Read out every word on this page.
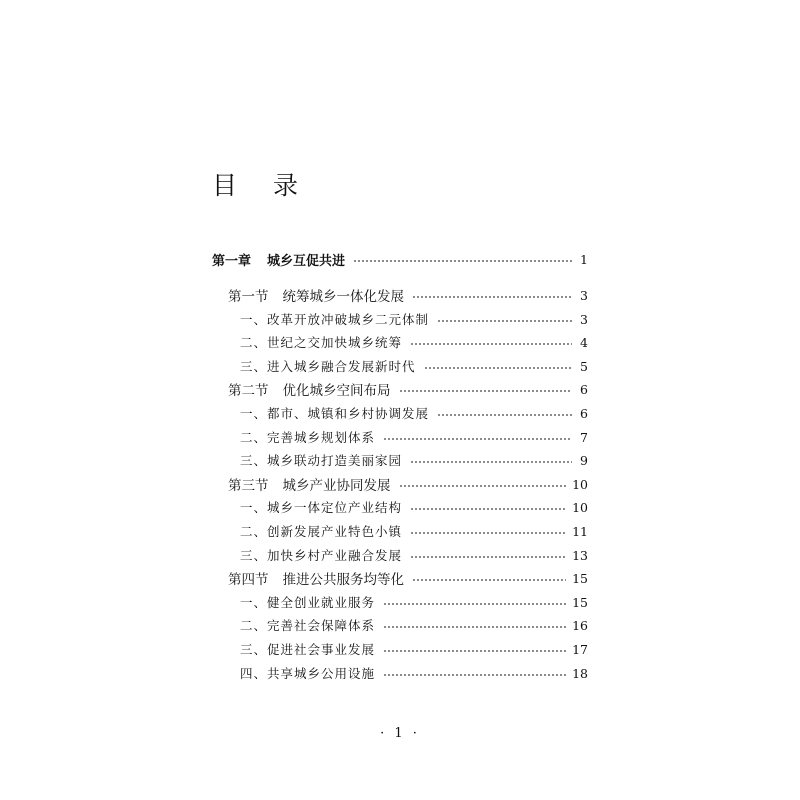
目 录
第一章 城乡互促共进	1
第一节 统筹城乡一体化发展	3
一、改革开放冲破城乡二元体制	3
二、世纪之交加快城乡统筹	4
三、进入城乡融合发展新时代	5
第二节 优化城乡空间布局	6
一、都市、城镇和乡村协调发展	6
二、完善城乡规划体系	7
三、城乡联动打造美丽家园	9
第三节 城乡产业协同发展	10
一、城乡一体定位产业结构	10
二、创新发展产业特色小镇	11
三、加快乡村产业融合发展	13
第四节 推进公共服务均等化	15
一、健全创业就业服务	15
二、完善社会保障体系	16
三、促进社会事业发展	17
四、共享城乡公用设施	18
· 1 ·
